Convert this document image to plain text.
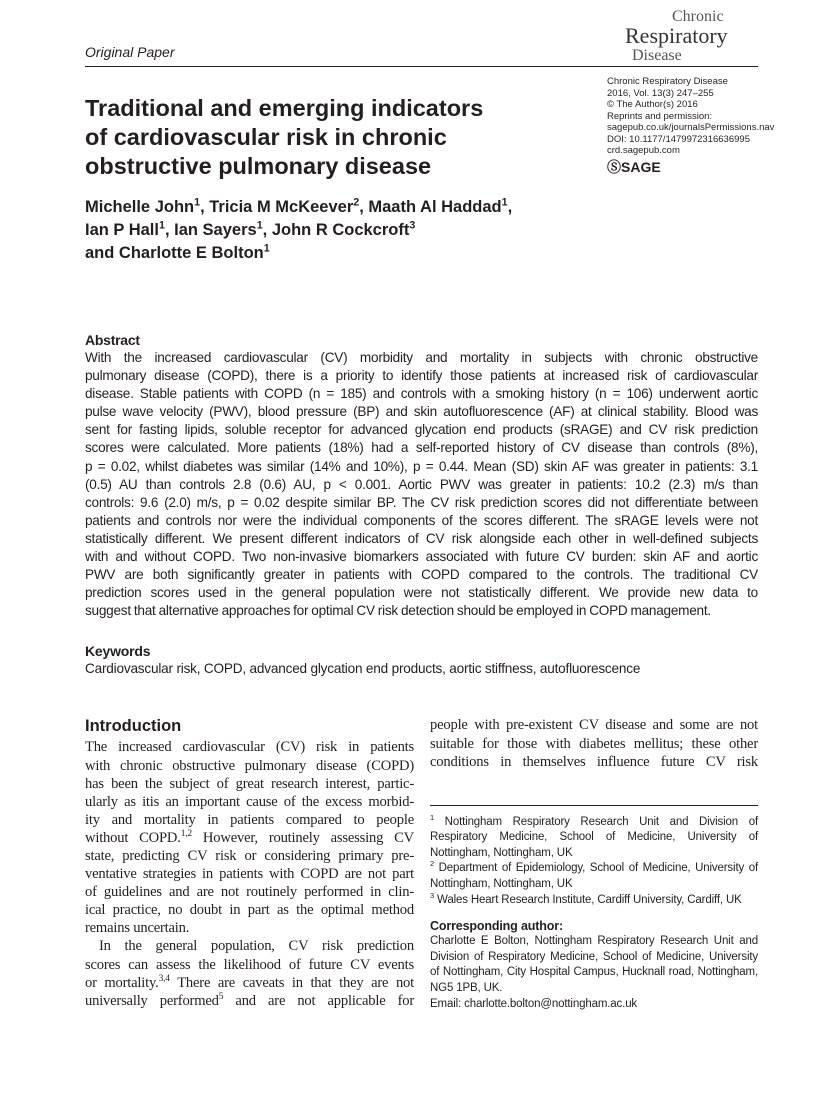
Original Paper
Chronic
Respiratory
Disease
Chronic Respiratory Disease
2016, Vol. 13(3) 247–255
© The Author(s) 2016
Reprints and permission:
sagepub.co.uk/journalsPermissions.nav
DOI: 10.1177/1479972316636995
crd.sagepub.com
ⓈSAGE
Traditional and emerging indicators
of cardiovascular risk in chronic
obstructive pulmonary disease
Michelle John$^1$, Tricia M McKeever$^2$, Maath Al Haddad$^1$,
Ian P Hall$^1$, Ian Sayers$^1$, John R Cockcroft$^3$
and Charlotte E Bolton$^1$
Abstract
With the increased cardiovascular (CV) morbidity and mortality in subjects with chronic obstructive
pulmonary disease (COPD), there is a priority to identify those patients at increased risk of cardiovascular
disease. Stable patients with COPD (n = 185) and controls with a smoking history (n = 106) underwent aortic
pulse wave velocity (PWV), blood pressure (BP) and skin autofluorescence (AF) at clinical stability. Blood was
sent for fasting lipids, soluble receptor for advanced glycation end products (sRAGE) and CV risk prediction
scores were calculated. More patients (18%) had a self-reported history of CV disease than controls (8%),
p = 0.02, whilst diabetes was similar (14% and 10%), p = 0.44. Mean (SD) skin AF was greater in patients: 3.1
(0.5) AU than controls 2.8 (0.6) AU, p < 0.001. Aortic PWV was greater in patients: 10.2 (2.3) m/s than
controls: 9.6 (2.0) m/s, p = 0.02 despite similar BP. The CV risk prediction scores did not differentiate between
patients and controls nor were the individual components of the scores different. The sRAGE levels were not
statistically different. We present different indicators of CV risk alongside each other in well-defined subjects
with and without COPD. Two non-invasive biomarkers associated with future CV burden: skin AF and aortic
PWV are both significantly greater in patients with COPD compared to the controls. The traditional CV
prediction scores used in the general population were not statistically different. We provide new data to
suggest that alternative approaches for optimal CV risk detection should be employed in COPD management.
Keywords
Cardiovascular risk, COPD, advanced glycation end products, aortic stiffness, autofluorescence
Introduction
The increased cardiovascular (CV) risk in patients
with chronic obstructive pulmonary disease (COPD)
has been the subject of great research interest, partic-
ularly as itis an important cause of the excess morbid-
ity and mortality in patients compared to people
without COPD.$^{1,2}$ However, routinely assessing CV
state, predicting CV risk or considering primary pre-
ventative strategies in patients with COPD are not part
of guidelines and are not routinely performed in clin-
ical practice, no doubt in part as the optimal method
remains uncertain.
In the general population, CV risk prediction
scores can assess the likelihood of future CV events
or mortality.$^{3,4}$ There are caveats in that they are not
universally performed$^5$ and are not applicable for
people with pre-existent CV disease and some are not
suitable for those with diabetes mellitus; these other
conditions in themselves influence future CV risk
$^1$ Nottingham Respiratory Research Unit and Division of
Respiratory Medicine, School of Medicine, University of
Nottingham, Nottingham, UK
$^2$ Department of Epidemiology, School of Medicine, University of
Nottingham, Nottingham, UK
$^3$ Wales Heart Research Institute, Cardiff University, Cardiff, UK
Corresponding author:
Charlotte E Bolton, Nottingham Respiratory Research Unit and
Division of Respiratory Medicine, School of Medicine, University
of Nottingham, City Hospital Campus, Hucknall road, Nottingham,
NG5 1PB, UK.
Email: charlotte.bolton@nottingham.ac.uk
